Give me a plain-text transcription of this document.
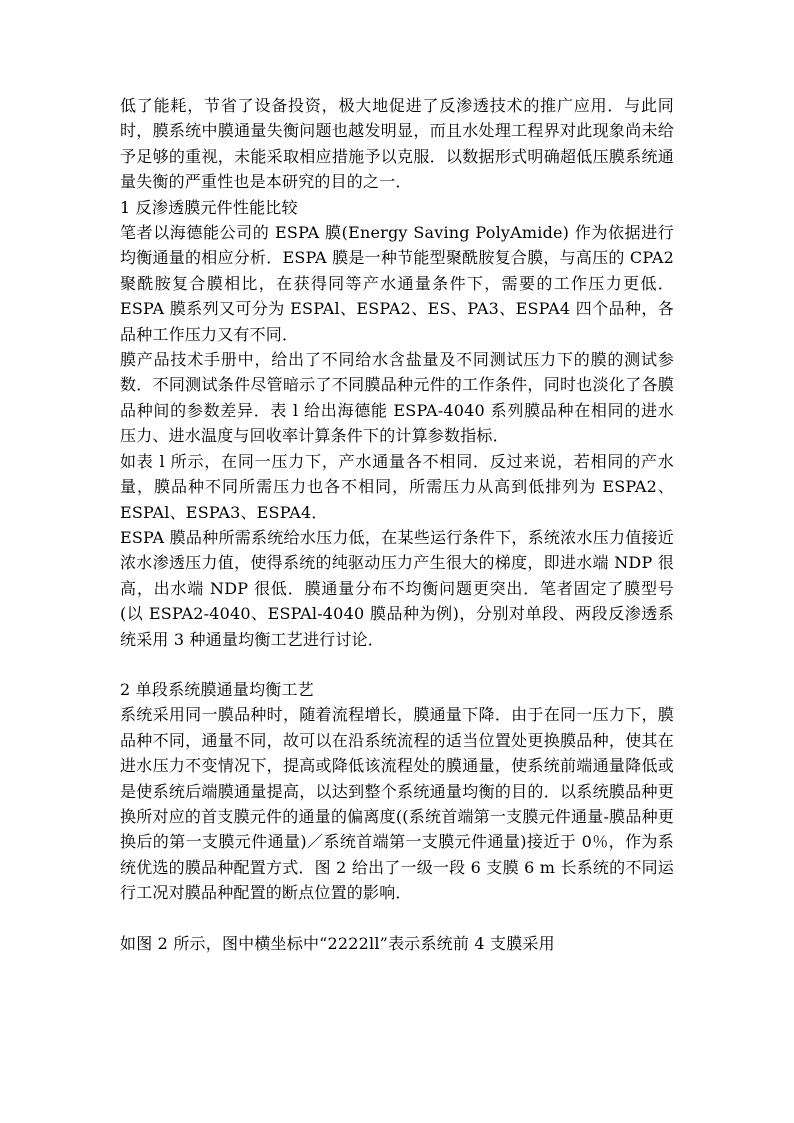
低了能耗，节省了设备投资，极大地促进了反渗透技术的推广应用．与此同时，膜系统中膜通量失衡问题也越发明显，而且水处理工程界对此现象尚未给予足够的重视，未能采取相应措施予以克服．以数据形式明确超低压膜系统通量失衡的严重性也是本研究的目的之一．

1 反渗透膜元件性能比较

笔者以海德能公司的 ESPA 膜(Energy Saving PolyAmide) 作为依据进行均衡通量的相应分析．ESPA 膜是一种节能型聚酰胺复合膜，与高压的 CPA2 聚酰胺复合膜相比，在获得同等产水通量条件下，需要的工作压力更低．ESPA 膜系列又可分为 ESPAl、ESPA2、ES、PA3、ESPA4 四个品种，各品种工作压力又有不同．

膜产品技术手册中，给出了不同给水含盐量及不同测试压力下的膜的测试参数．不同测试条件尽管暗示了不同膜品种元件的工作条件，同时也淡化了各膜品种间的参数差异．表 l 给出海德能 ESPA-4040 系列膜品种在相同的进水压力、进水温度与回收率计算条件下的计算参数指标．

如表 l 所示，在同一压力下，产水通量各不相同．反过来说，若相同的产水量，膜品种不同所需压力也各不相同，所需压力从高到低排列为 ESPA2、ESPAl、ESPA3、ESPA4．

ESPA 膜品种所需系统给水压力低，在某些运行条件下，系统浓水压力值接近浓水渗透压力值，使得系统的纯驱动压力产生很大的梯度，即进水端 NDP 很高，出水端 NDP 很低．膜通量分布不均衡问题更突出．笔者固定了膜型号(以 ESPA2-4040、ESPAl-4040 膜品种为例)，分别对单段、两段反渗透系统采用 3 种通量均衡工艺进行讨论．

2 单段系统膜通量均衡工艺

系统采用同一膜品种时，随着流程增长，膜通量下降．由于在同一压力下，膜品种不同，通量不同，故可以在沿系统流程的适当位置处更换膜品种，使其在进水压力不变情况下，提高或降低该流程处的膜通量，使系统前端通量降低或是使系统后端膜通量提高，以达到整个系统通量均衡的目的．以系统膜品种更换所对应的首支膜元件的通量的偏离度((系统首端第一支膜元件通量-膜品种更换后的第一支膜元件通量)／系统首端第一支膜元件通量)接近于 0％，作为系统优选的膜品种配置方式．图 2 给出了一级一段 6 支膜 6 m 长系统的不同运行工况对膜品种配置的断点位置的影响．

如图 2 所示，图中横坐标中“2222ll”表示系统前 4 支膜采用
